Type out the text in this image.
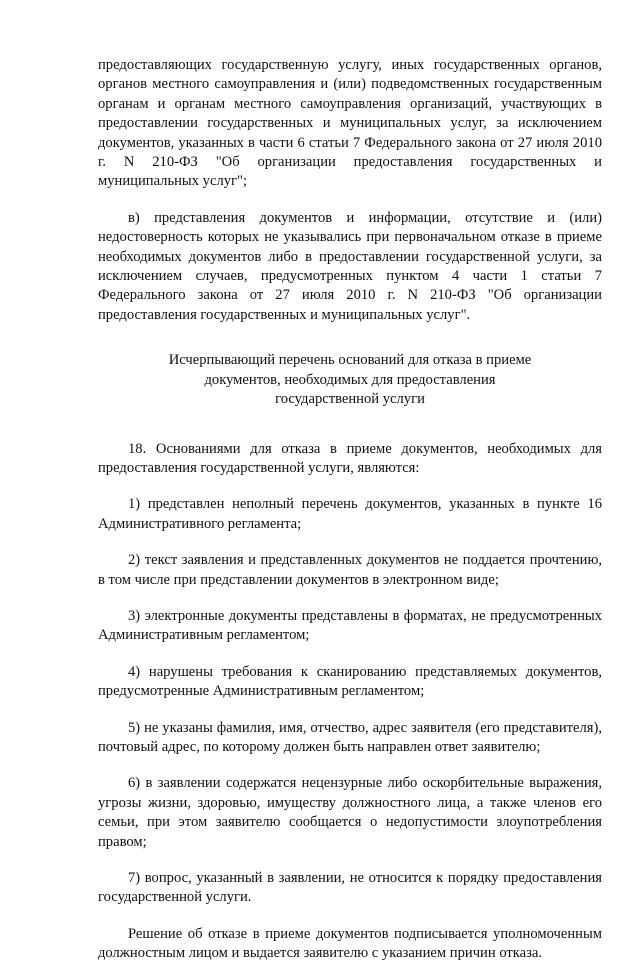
предоставляющих государственную услугу, иных государственных органов, органов местного самоуправления и (или) подведомственных государственным органам и органам местного самоуправления организаций, участвующих в предоставлении государственных и муниципальных услуг, за исключением документов, указанных в части 6 статьи 7 Федерального закона от 27 июля 2010 г. N 210-ФЗ "Об организации предоставления государственных и муниципальных услуг";

в) представления документов и информации, отсутствие и (или) недостоверность которых не указывались при первоначальном отказе в приеме необходимых документов либо в предоставлении государственной услуги, за исключением случаев, предусмотренных пунктом 4 части 1 статьи 7 Федерального закона от 27 июля 2010 г. N 210-ФЗ "Об организации предоставления государственных и муниципальных услуг".

Исчерпывающий перечень оснований для отказа в приеме
документов, необходимых для предоставления
государственной услуги

18. Основаниями для отказа в приеме документов, необходимых для предоставления государственной услуги, являются:

1) представлен неполный перечень документов, указанных в пункте 16 Административного регламента;

2) текст заявления и представленных документов не поддается прочтению, в том числе при представлении документов в электронном виде;

3) электронные документы представлены в форматах, не предусмотренных Административным регламентом;

4) нарушены требования к сканированию представляемых документов, предусмотренные Административным регламентом;

5) не указаны фамилия, имя, отчество, адрес заявителя (его представителя), почтовый адрес, по которому должен быть направлен ответ заявителю;

6) в заявлении содержатся нецензурные либо оскорбительные выражения, угрозы жизни, здоровью, имуществу должностного лица, а также членов его семьи, при этом заявителю сообщается о недопустимости злоупотребления правом;

7) вопрос, указанный в заявлении, не относится к порядку предоставления государственной услуги.

Решение об отказе в приеме документов подписывается уполномоченным должностным лицом и выдается заявителю с указанием причин отказа.
